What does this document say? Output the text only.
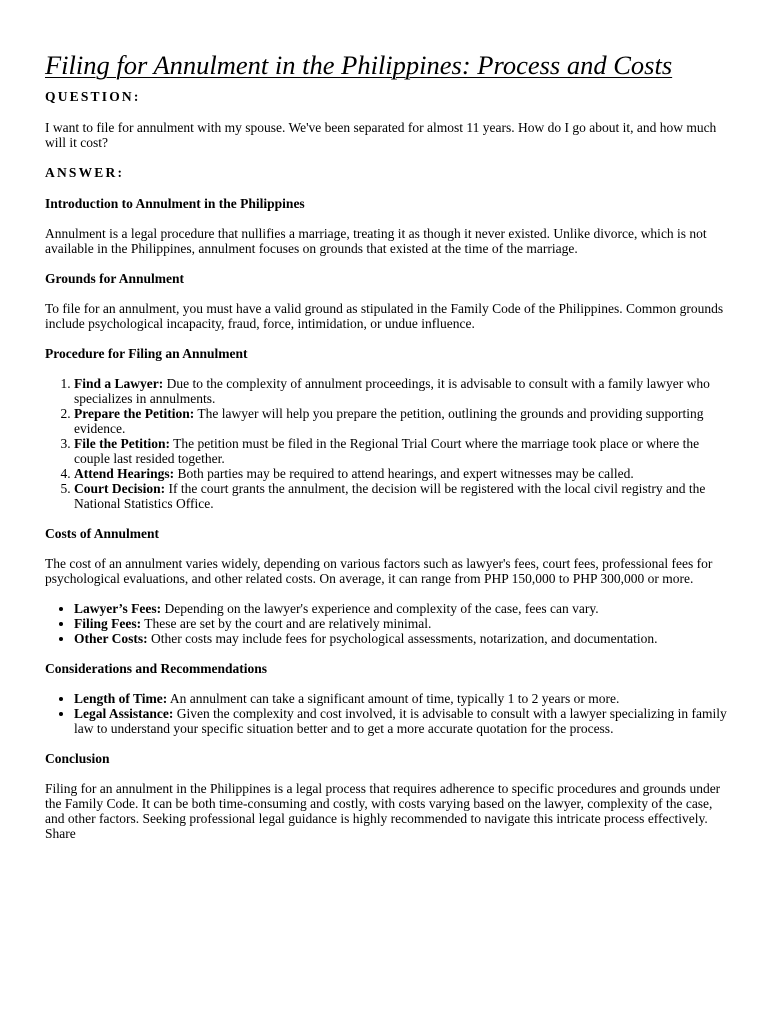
Filing for Annulment in the Philippines: Process and Costs
QUESTION:

I want to file for annulment with my spouse. We've been separated for almost 11 years. How do I go about it, and how much will it cost?

ANSWER:
Introduction to Annulment in the Philippines

Annulment is a legal procedure that nullifies a marriage, treating it as though it never existed. Unlike divorce, which is not available in the Philippines, annulment focuses on grounds that existed at the time of the marriage.

Grounds for Annulment

To file for an annulment, you must have a valid ground as stipulated in the Family Code of the Philippines. Common grounds include psychological incapacity, fraud, force, intimidation, or undue influence.

Procedure for Filing an Annulment
1. Find a Lawyer: Due to the complexity of annulment proceedings, it is advisable to consult with a family lawyer who specializes in annulments.
2. Prepare the Petition: The lawyer will help you prepare the petition, outlining the grounds and providing supporting evidence.
3. File the Petition: The petition must be filed in the Regional Trial Court where the marriage took place or where the couple last resided together.
4. Attend Hearings: Both parties may be required to attend hearings, and expert witnesses may be called.
5. Court Decision: If the court grants the annulment, the decision will be registered with the local civil registry and the National Statistics Office.
Costs of Annulment

The cost of an annulment varies widely, depending on various factors such as lawyer's fees, court fees, professional fees for psychological evaluations, and other related costs. On average, it can range from PHP 150,000 to PHP 300,000 or more.

• Lawyer’s Fees: Depending on the lawyer's experience and complexity of the case, fees can vary.
• Filing Fees: These are set by the court and are relatively minimal.
• Other Costs: Other costs may include fees for psychological assessments, notarization, and documentation.
Considerations and Recommendations
• Length of Time: An annulment can take a significant amount of time, typically 1 to 2 years or more.
• Legal Assistance: Given the complexity and cost involved, it is advisable to consult with a lawyer specializing in family law to understand your specific situation better and to get a more accurate quotation for the process.
Conclusion

Filing for an annulment in the Philippines is a legal process that requires adherence to specific procedures and grounds under the Family Code. It can be both time-consuming and costly, with costs varying based on the lawyer, complexity of the case, and other factors. Seeking professional legal guidance is highly recommended to navigate this intricate process effectively.

Share
